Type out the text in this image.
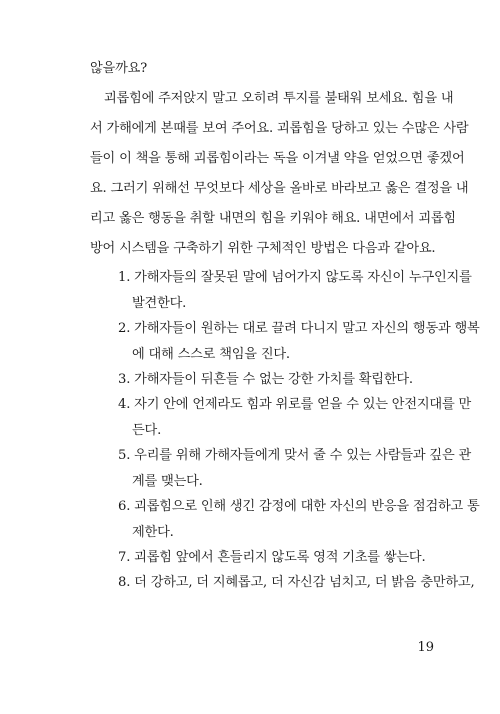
않을까요?
괴롭힘에 주저앉지 말고 오히려 투지를 불태워 보세요. 힘을 내
서 가해에게 본때를 보여 주어요. 괴롭힘을 당하고 있는 수많은 사람
들이 이 책을 통해 괴롭힘이라는 독을 이겨낼 약을 얻었으면 좋겠어
요. 그러기 위해선 무엇보다 세상을 올바로 바라보고 옳은 결정을 내
리고 옳은 행동을 취할 내면의 힘을 키워야 해요. 내면에서 괴롭힘
방어 시스템을 구축하기 위한 구체적인 방법은 다음과 같아요.
1. 가해자들의 잘못된 말에 넘어가지 않도록 자신이 누구인지를
발견한다.
2. 가해자들이 원하는 대로 끌려 다니지 말고 자신의 행동과 행복
에 대해 스스로 책임을 진다.
3. 가해자들이 뒤흔들 수 없는 강한 가치를 확립한다.
4. 자기 안에 언제라도 힘과 위로를 얻을 수 있는 안전지대를 만
든다.
5. 우리를 위해 가해자들에게 맞서 줄 수 있는 사람들과 깊은 관
계를 맺는다.
6. 괴롭힘으로 인해 생긴 감정에 대한 자신의 반응을 점검하고 통
제한다.
7. 괴롭힘 앞에서 흔들리지 않도록 영적 기초를 쌓는다.
8. 더 강하고, 더 지혜롭고, 더 자신감 넘치고, 더 밝음 충만하고,
19
